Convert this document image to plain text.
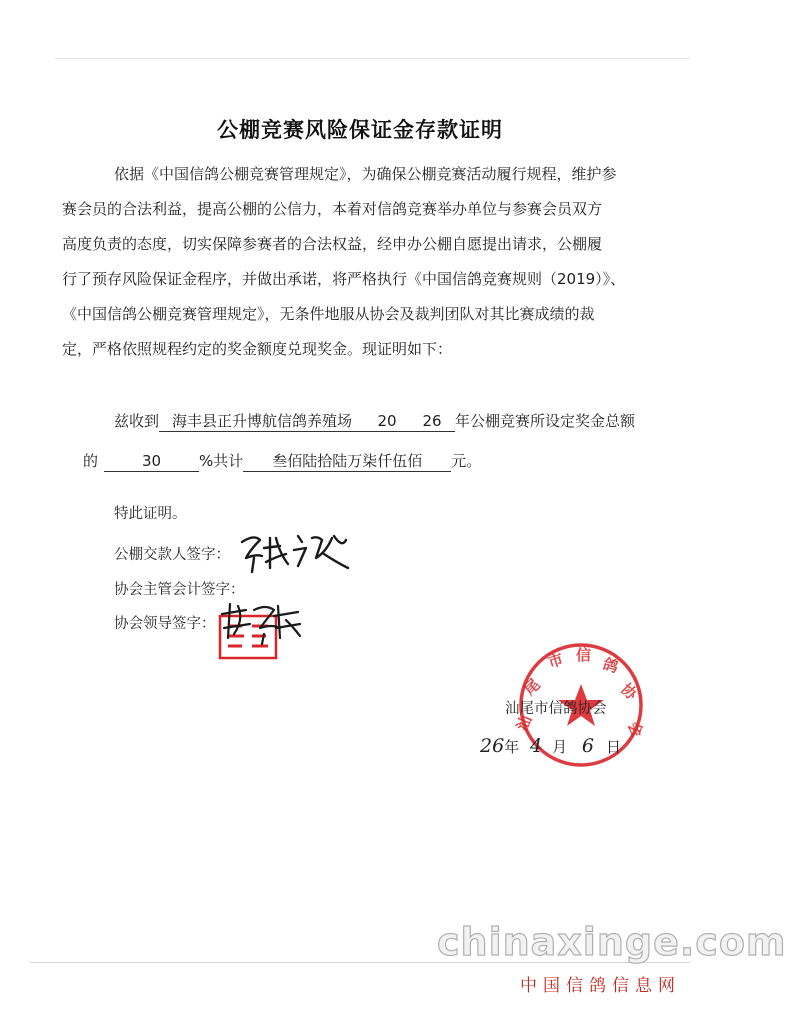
公棚竞赛风险保证金存款证明
依据《中国信鸽公棚竞赛管理规定》，为确保公棚竞赛活动履行规程，维护参
赛会员的合法利益，提高公棚的公信力，本着对信鸽竞赛举办单位与参赛会员双方
高度负责的态度，切实保障参赛者的合法权益，经申办公棚自愿提出请求，公棚履
行了预存风险保证金程序，并做出承诺，将严格执行《中国信鸽竞赛规则（2019）》、
《中国信鸽公棚竞赛管理规定》，无条件地服从协会及裁判团队对其比赛成绩的裁
定，严格依照规程约定的奖金额度兑现奖金。现证明如下：
兹收到 海丰县正升博航信鸽养殖场 20 26 年公棚竞赛所设定奖金总额
的	30	%共计 叁佰陆拾陆万柒仟伍佰 元。
特此证明。
公棚交款人签字：
协会主管会计签字：
协会领导签字：
汕
尾
市 信 鸽
协
会
汕尾市信鸽协会
26年 4 月 6 日
chinaxinge.com
中国信鸽信息网
